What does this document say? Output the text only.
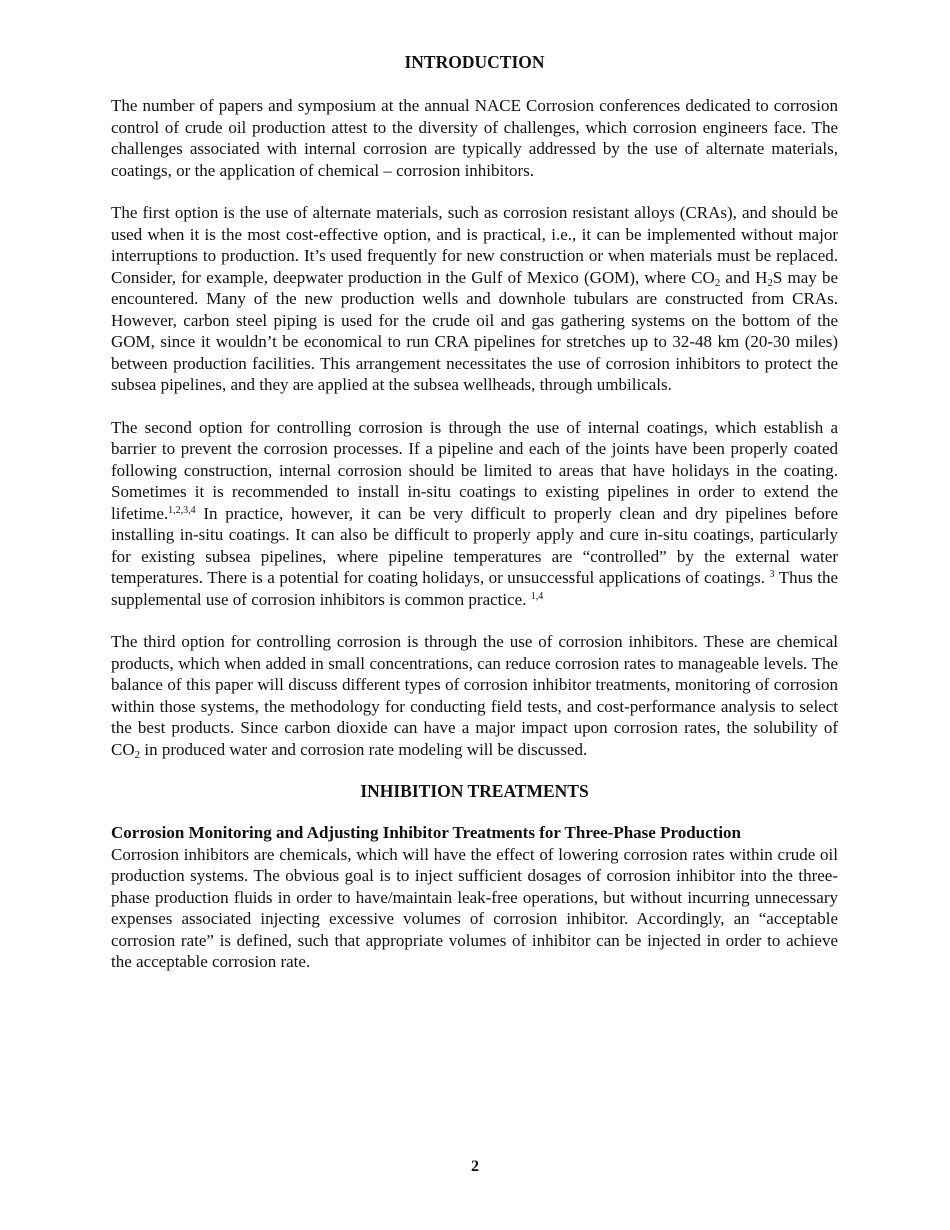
INTRODUCTION

The number of papers and symposium at the annual NACE Corrosion conferences dedicated to corrosion control of crude oil production attest to the diversity of challenges, which corrosion engineers face. The challenges associated with internal corrosion are typically addressed by the use of alternate materials, coatings, or the application of chemical – corrosion inhibitors.

The first option is the use of alternate materials, such as corrosion resistant alloys (CRAs), and should be used when it is the most cost-effective option, and is practical, i.e., it can be implemented without major interruptions to production. It’s used frequently for new construction or when materials must be replaced. Consider, for example, deepwater production in the Gulf of Mexico (GOM), where $CO_2$ and $H_2S$ may be encountered. Many of the new production wells and downhole tubulars are constructed from CRAs. However, carbon steel piping is used for the crude oil and gas gathering systems on the bottom of the GOM, since it wouldn’t be economical to run CRA pipelines for stretches up to 32-48 km (20-30 miles) between production facilities. This arrangement necessitates the use of corrosion inhibitors to protect the subsea pipelines, and they are applied at the subsea wellheads, through umbilicals.

The second option for controlling corrosion is through the use of internal coatings, which establish a barrier to prevent the corrosion processes. If a pipeline and each of the joints have been properly coated following construction, internal corrosion should be limited to areas that have holidays in the coating. Sometimes it is recommended to install in-situ coatings to existing pipelines in order to extend the lifetime.$^{1,2,3,4}$ In practice, however, it can be very difficult to properly clean and dry pipelines before installing in-situ coatings. It can also be difficult to properly apply and cure in-situ coatings, particularly for existing subsea pipelines, where pipeline temperatures are “controlled” by the external water temperatures. There is a potential for coating holidays, or unsuccessful applications of coatings. $^3$ Thus the supplemental use of corrosion inhibitors is common practice. $^{1,4}$

The third option for controlling corrosion is through the use of corrosion inhibitors. These are chemical products, which when added in small concentrations, can reduce corrosion rates to manageable levels. The balance of this paper will discuss different types of corrosion inhibitor treatments, monitoring of corrosion within those systems, the methodology for conducting field tests, and cost-performance analysis to select the best products. Since carbon dioxide can have a major impact upon corrosion rates, the solubility of $CO_2$ in produced water and corrosion rate modeling will be discussed.

INHIBITION TREATMENTS
Corrosion Monitoring and Adjusting Inhibitor Treatments for Three-Phase Production

Corrosion inhibitors are chemicals, which will have the effect of lowering corrosion rates within crude oil production systems. The obvious goal is to inject sufficient dosages of corrosion inhibitor into the three-phase production fluids in order to have/maintain leak-free operations, but without incurring unnecessary expenses associated injecting excessive volumes of corrosion inhibitor. Accordingly, an “acceptable corrosion rate” is defined, such that appropriate volumes of inhibitor can be injected in order to achieve the acceptable corrosion rate.

2
